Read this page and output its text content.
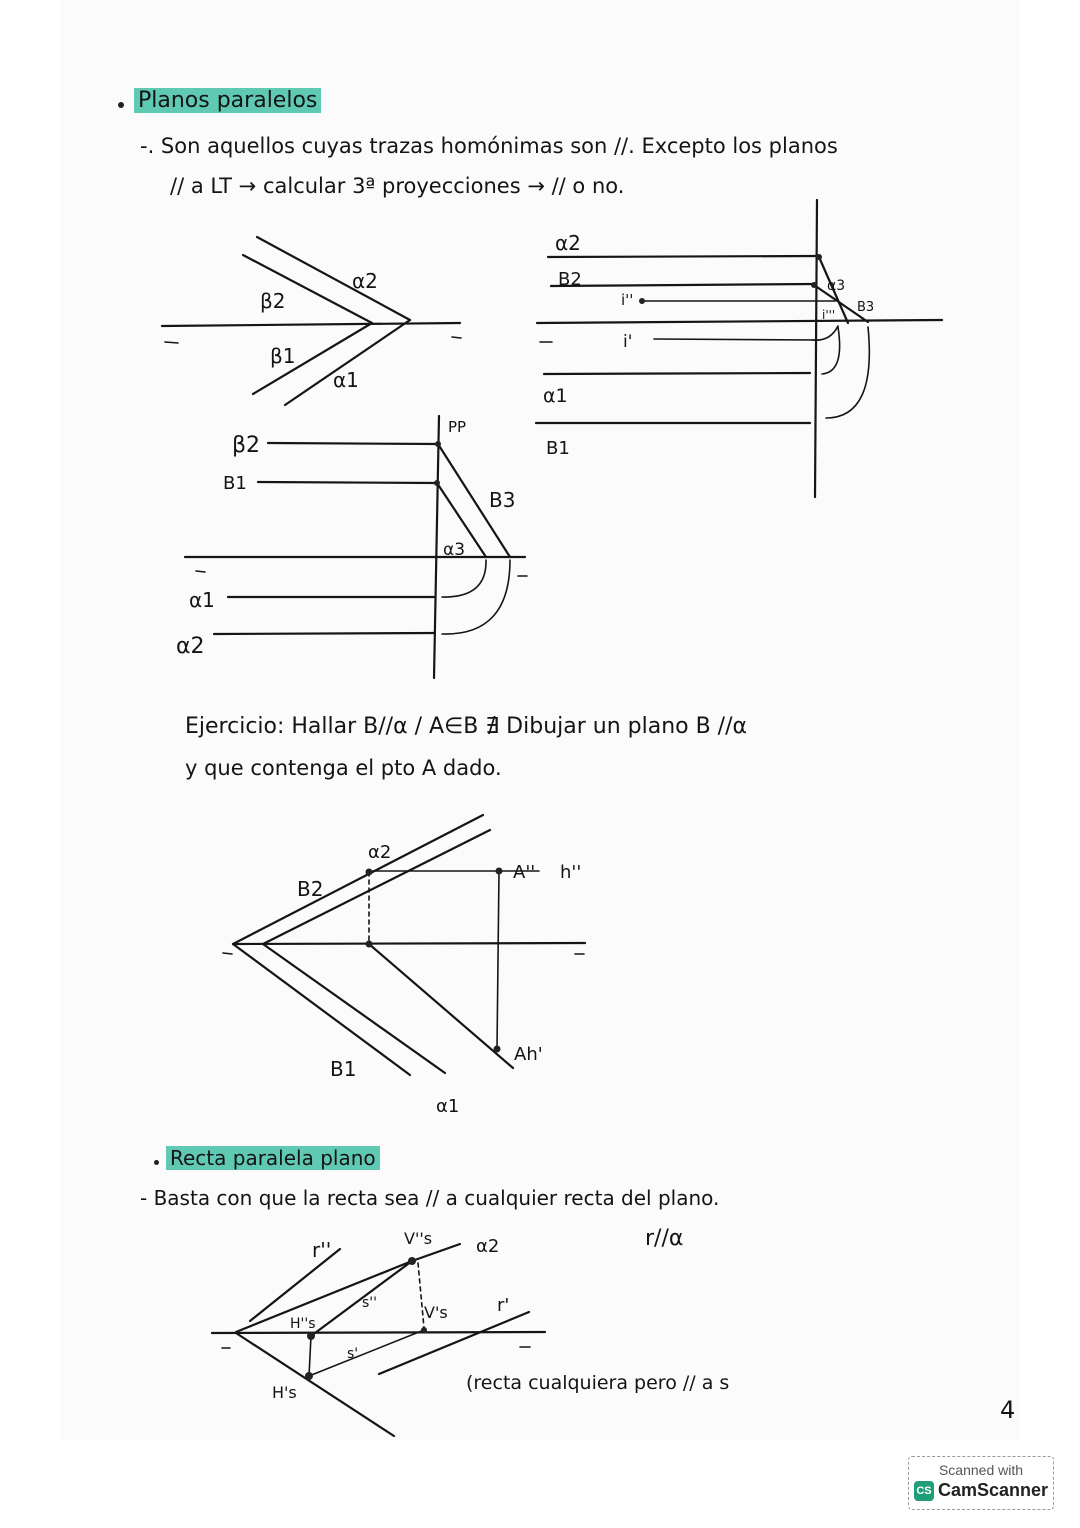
Planos paralelos
-. Son aquellos cuyas trazas homónimas son //. Excepto los planos
// a LT → calcular 3ª proyecciones → // o no.
β2
α2
β1
α1
α2
B2
i''
i'
α3
B3
i'''
α1
B1
PP
β2
B1
B3
α3
α1
α2
α2
B2
A'' h''
B1
Ah'
α1
r''	V''s α2
H''s
s''	V's	r'
s'
H's
Ejercicio: Hallar B//α / A∈B ∄ Dibujar un plano B //α
y que contenga el pto A dado.
Recta paralela plano
- Basta con que la recta sea // a cualquier recta del plano.
r//α
(recta cualquiera pero // a s
4
Scanned with
CS CamScanner
